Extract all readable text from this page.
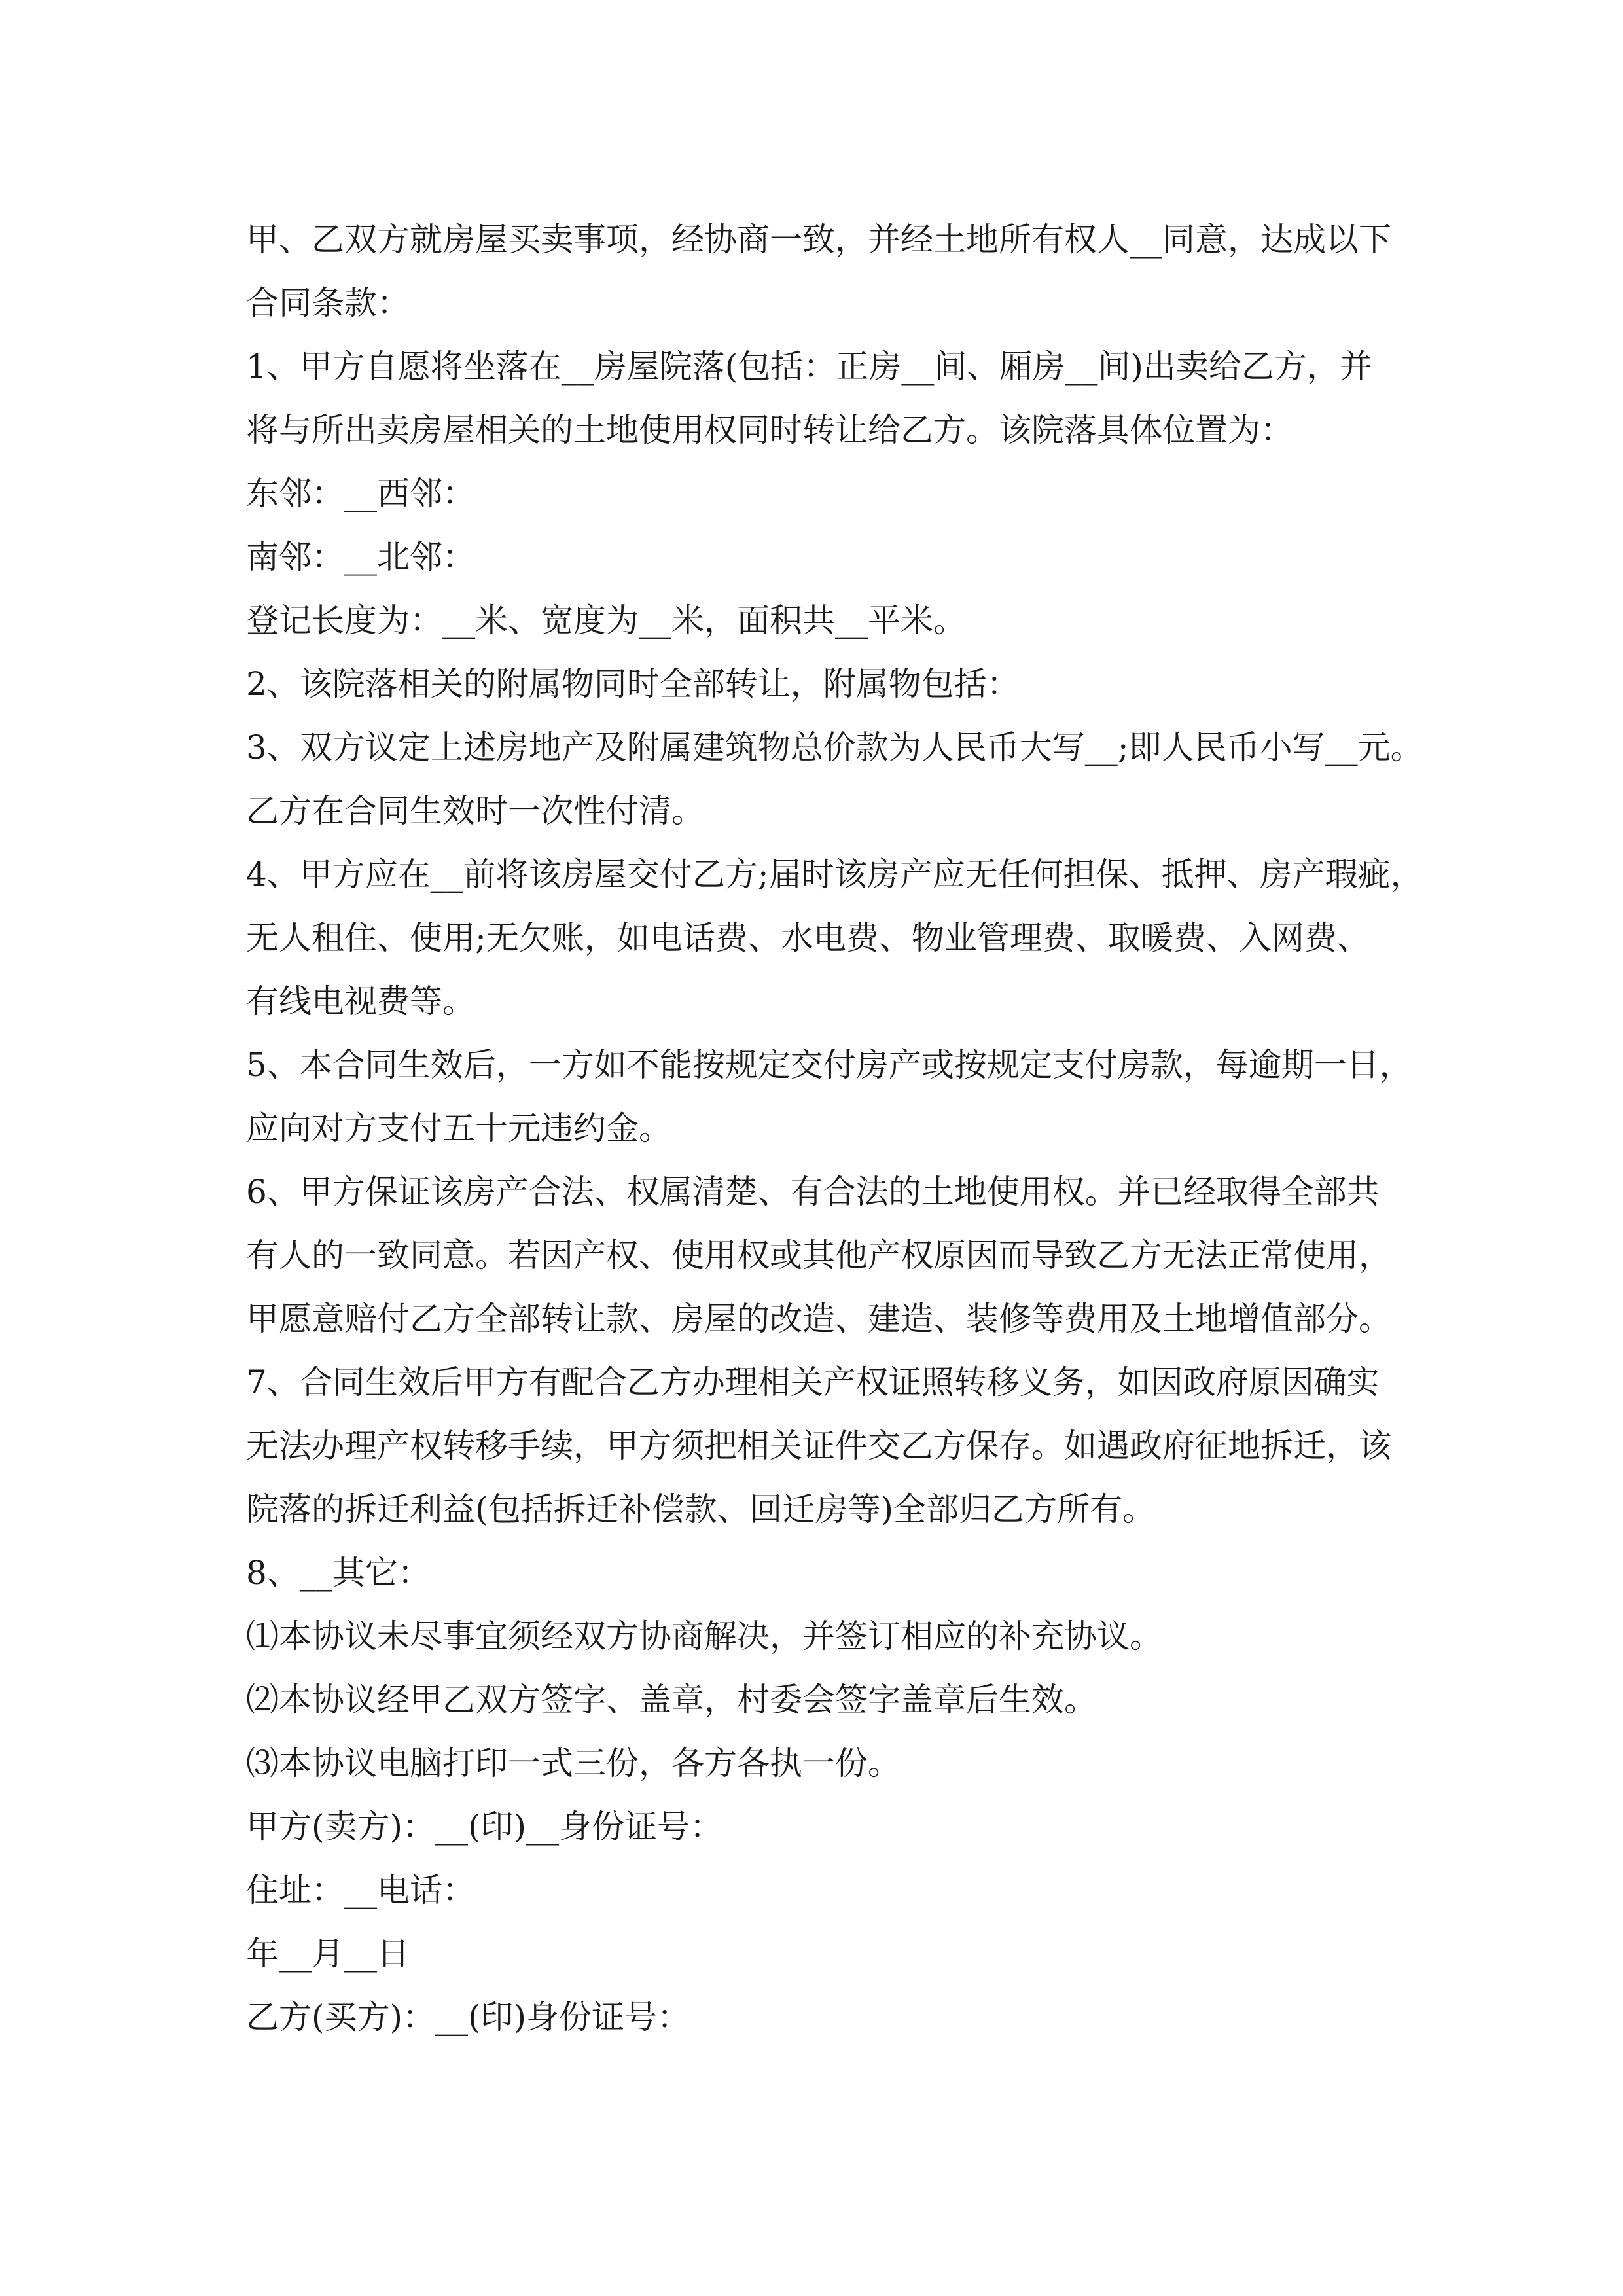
甲、乙双方就房屋买卖事项，经协商一致，并经土地所有权人__同意，达成以下
合同条款：
1、甲方自愿将坐落在__房屋院落(包括：正房__间、厢房__间)出卖给乙方，并
将与所出卖房屋相关的土地使用权同时转让给乙方。该院落具体位置为：
东邻：__西邻：
南邻：__北邻：
登记长度为：__米、宽度为__米，面积共__平米。
2、该院落相关的附属物同时全部转让，附属物包括：
3、双方议定上述房地产及附属建筑物总价款为人民币大写__;即人民币小写__元。
乙方在合同生效时一次性付清。
4、甲方应在__前将该房屋交付乙方;届时该房产应无任何担保、抵押、房产瑕疵，
无人租住、使用;无欠账，如电话费、水电费、物业管理费、取暖费、入网费、
有线电视费等。
5、本合同生效后，一方如不能按规定交付房产或按规定支付房款，每逾期一日，
应向对方支付五十元违约金。
6、甲方保证该房产合法、权属清楚、有合法的土地使用权。并已经取得全部共
有人的一致同意。若因产权、使用权或其他产权原因而导致乙方无法正常使用，
甲愿意赔付乙方全部转让款、房屋的改造、建造、装修等费用及土地增值部分。
7、合同生效后甲方有配合乙方办理相关产权证照转移义务，如因政府原因确实
无法办理产权转移手续，甲方须把相关证件交乙方保存。如遇政府征地拆迁，该
院落的拆迁利益(包括拆迁补偿款、回迁房等)全部归乙方所有。
8、__其它：
⑴本协议未尽事宜须经双方协商解决，并签订相应的补充协议。
⑵本协议经甲乙双方签字、盖章，村委会签字盖章后生效。
⑶本协议电脑打印一式三份，各方各执一份。
甲方(卖方)：__(印)__身份证号：
住址：__电话：
年__月__日
乙方(买方)：__(印)身份证号：
